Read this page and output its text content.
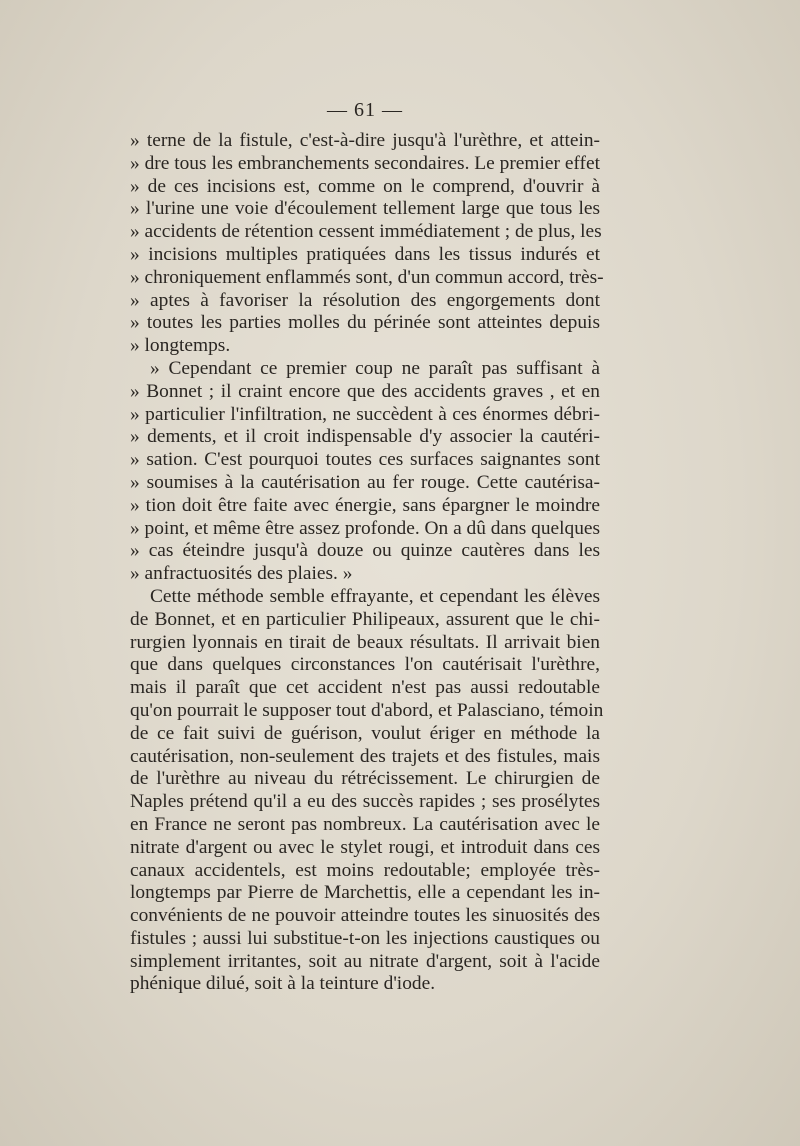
— 61 —
» terne de la fistule, c'est-à-dire jusqu'à l'urèthre, et attein-
» dre tous les embranchements secondaires. Le premier effet
» de ces incisions est, comme on le comprend, d'ouvrir à
» l'urine une voie d'écoulement tellement large que tous les
» accidents de rétention cessent immédiatement ; de plus, les
» incisions multiples pratiquées dans les tissus indurés et
» chroniquement enflammés sont, d'un commun accord, très-
» aptes à favoriser la résolution des engorgements dont
» toutes les parties molles du périnée sont atteintes depuis
» longtemps.
» Cependant ce premier coup ne paraît pas suffisant à
» Bonnet ; il craint encore que des accidents graves , et en
» particulier l'infiltration, ne succèdent à ces énormes débri-
» dements, et il croit indispensable d'y associer la cautéri-
» sation. C'est pourquoi toutes ces surfaces saignantes sont
» soumises à la cautérisation au fer rouge. Cette cautérisa-
» tion doit être faite avec énergie, sans épargner le moindre
» point, et même être assez profonde. On a dû dans quelques
» cas éteindre jusqu'à douze ou quinze cautères dans les
» anfractuosités des plaies. »
Cette méthode semble effrayante, et cependant les élèves
de Bonnet, et en particulier Philipeaux, assurent que le chi-
rurgien lyonnais en tirait de beaux résultats. Il arrivait bien
que dans quelques circonstances l'on cautérisait l'urèthre,
mais il paraît que cet accident n'est pas aussi redoutable
qu'on pourrait le supposer tout d'abord, et Palasciano, témoin
de ce fait suivi de guérison, voulut ériger en méthode la
cautérisation, non-seulement des trajets et des fistules, mais
de l'urèthre au niveau du rétrécissement. Le chirurgien de
Naples prétend qu'il a eu des succès rapides ; ses prosélytes
en France ne seront pas nombreux. La cautérisation avec le
nitrate d'argent ou avec le stylet rougi, et introduit dans ces
canaux accidentels, est moins redoutable; employée très-
longtemps par Pierre de Marchettis, elle a cependant les in-
convénients de ne pouvoir atteindre toutes les sinuosités des
fistules ; aussi lui substitue-t-on les injections caustiques ou
simplement irritantes, soit au nitrate d'argent, soit à l'acide
phénique dilué, soit à la teinture d'iode.
